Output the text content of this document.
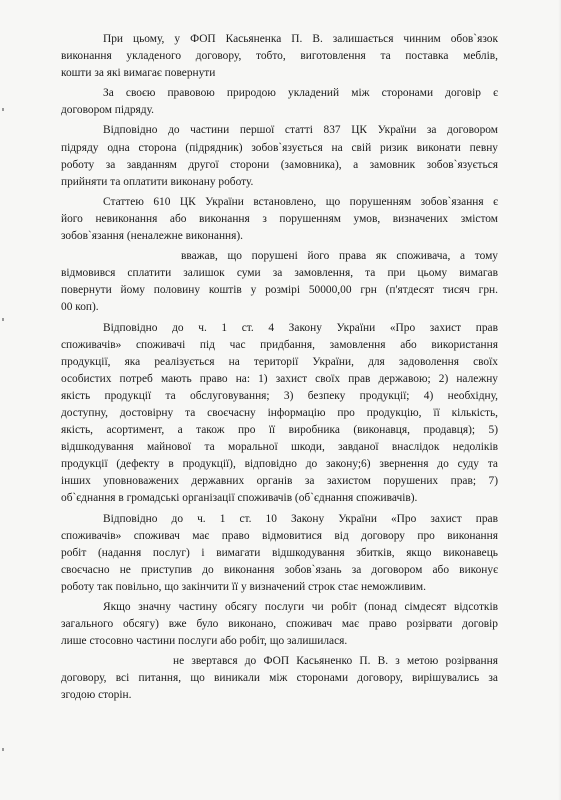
При цьому, у ФОП Касьяненка П. В. залишається чинним обов`язок
виконання укладеного договору, тобто, виготовлення та поставка меблів,
кошти за які вимагає повернути

За своєю правовою природою укладений між сторонами договір є
договором підряду.

Відповідно до частини першої статті 837 ЦК України за договором
підряду одна сторона (підрядник) зобов`язується на свій ризик виконати певну
роботу за завданням другої сторони (замовника), а замовник зобов`язується
прийняти та оплатити виконану роботу.

Статтею 610 ЦК України встановлено, що порушенням зобов`язання є
його невиконання або виконання з порушенням умов, визначених змістом
зобов`язання (неналежне виконання).

вважав, що порушені його права як споживача, а тому
відмовився сплатити залишок суми за замовлення, та при цьому вимагав
повернути йому половину коштів у розмірі 50000,00 грн (п'ятдесят тисяч грн.
00 коп).

Відповідно до ч. 1 ст. 4 Закону України «Про захист прав
споживачів» споживачі під час придбання, замовлення або використання
продукції, яка реалізується на території України, для задоволення своїх
особистих потреб мають право на: 1) захист своїх прав державою; 2) належну
якість продукції та обслуговування; 3) безпеку продукції; 4) необхідну,
доступну, достовірну та своєчасну інформацію про продукцію, її кількість,
якість, асортимент, а також про її виробника (виконавця, продавця); 5)
відшкодування майнової та моральної шкоди, завданої внаслідок недоліків
продукції (дефекту в продукції), відповідно до закону;6) звернення до суду та
інших уповноважених державних органів за захистом порушених прав; 7)
об`єднання в громадські організації споживачів (об`єднання споживачів).

Відповідно до ч. 1 ст. 10 Закону України «Про захист прав
споживачів» споживач має право відмовитися від договору про виконання
робіт (надання послуг) і вимагати відшкодування збитків, якщо виконавець
своєчасно не приступив до виконання зобов`язань за договором або виконує
роботу так повільно, що закінчити її у визначений строк стає неможливим.

Якщо значну частину обсягу послуги чи робіт (понад сімдесят відсотків
загального обсягу) вже було виконано, споживач має право розірвати договір
лише стосовно частини послуги або робіт, що залишилася.

не звертався до ФОП Касьяненко П. В. з метою розірвання
договору, всі питання, що виникали між сторонами договору, вирішувались за
згодою сторін.
